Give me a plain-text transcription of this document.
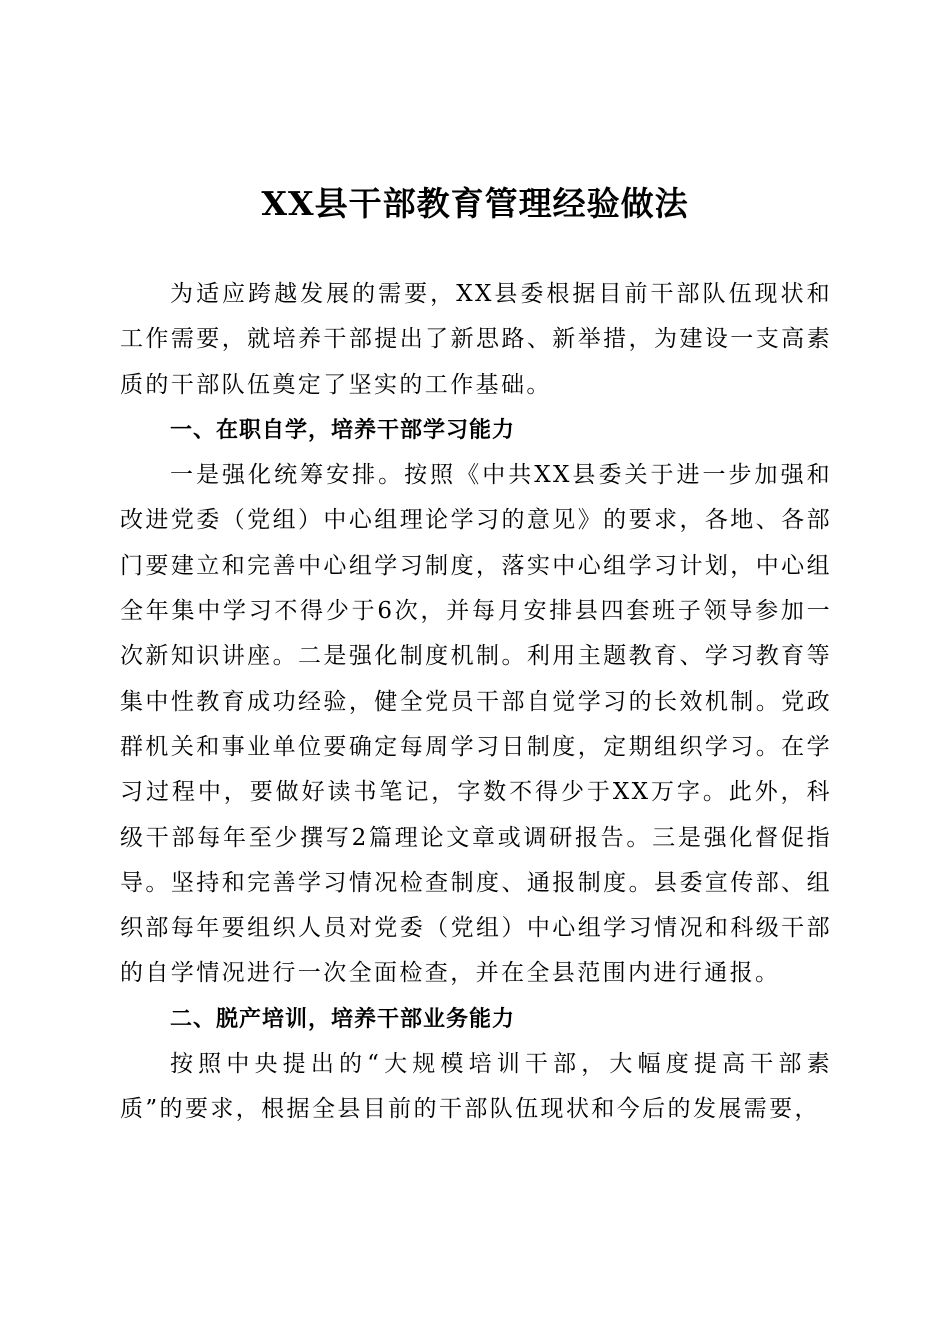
XX县干部教育管理经验做法

为适应跨越发展的需要，XX县委根据目前干部队伍现状和工作需要，就培养干部提出了新思路、新举措，为建设一支高素质的干部队伍奠定了坚实的工作基础。

一、在职自学，培养干部学习能力

一是强化统筹安排。按照《中共XX县委关于进一步加强和改进党委（党组）中心组理论学习的意见》的要求，各地、各部门要建立和完善中心组学习制度，落实中心组学习计划，中心组全年集中学习不得少于6次，并每月安排县四套班子领导参加一次新知识讲座。二是强化制度机制。利用主题教育、学习教育等集中性教育成功经验，健全党员干部自觉学习的长效机制。党政群机关和事业单位要确定每周学习日制度，定期组织学习。在学习过程中，要做好读书笔记，字数不得少于XX万字。此外，科级干部每年至少撰写2篇理论文章或调研报告。三是强化督促指导。坚持和完善学习情况检查制度、通报制度。县委宣传部、组织部每年要组织人员对党委（党组）中心组学习情况和科级干部的自学情况进行一次全面检查，并在全县范围内进行通报。

二、脱产培训，培养干部业务能力

按照中央提出的“大规模培训干部，大幅度提高干部素质”的要求，根据全县目前的干部队伍现状和今后的发展需要，
